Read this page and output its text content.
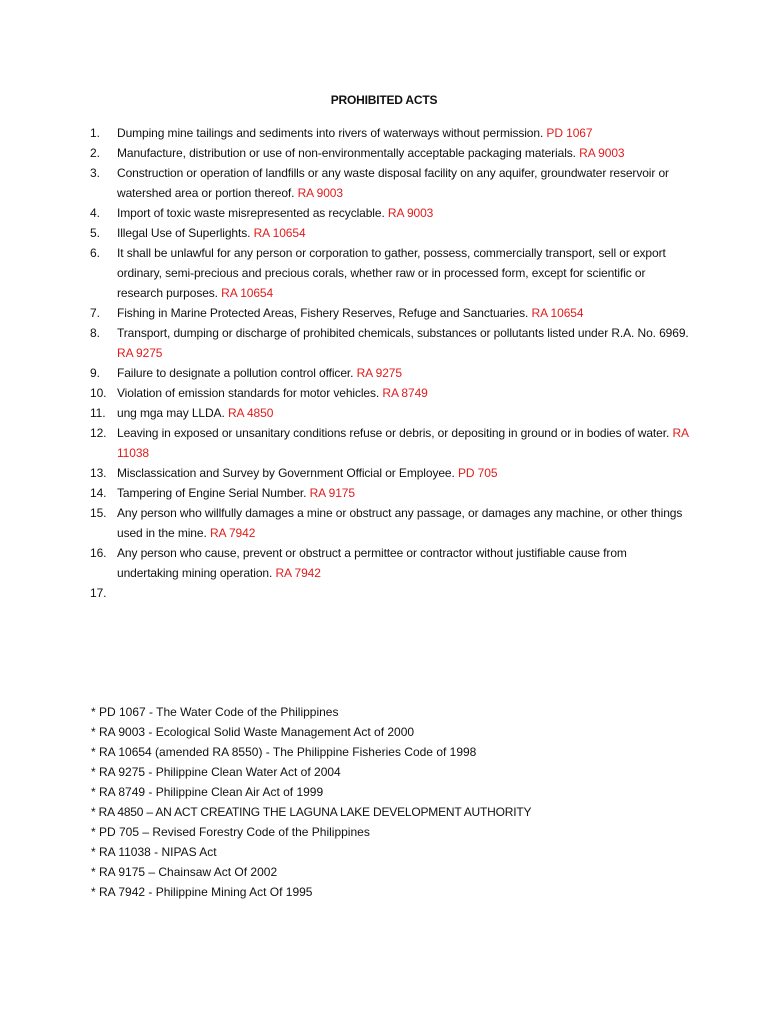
PROHIBITED ACTS
1. Dumping mine tailings and sediments into rivers of waterways without permission. PD 1067
2. Manufacture, distribution or use of non-environmentally acceptable packaging materials. RA 9003
3. Construction or operation of landfills or any waste disposal facility on any aquifer, groundwater reservoir or watershed area or portion thereof. RA 9003
4. Import of toxic waste misrepresented as recyclable. RA 9003
5. Illegal Use of Superlights. RA 10654
6. It shall be unlawful for any person or corporation to gather, possess, commercially transport, sell or export ordinary, semi-precious and precious corals, whether raw or in processed form, except for scientific or research purposes. RA 10654
7. Fishing in Marine Protected Areas, Fishery Reserves, Refuge and Sanctuaries. RA 10654
8. Transport, dumping or discharge of prohibited chemicals, substances or pollutants listed under R.A. No. 6969. RA 9275
9. Failure to designate a pollution control officer. RA 9275
10. Violation of emission standards for motor vehicles. RA 8749
11. ung mga may LLDA. RA 4850
12. Leaving in exposed or unsanitary conditions refuse or debris, or depositing in ground or in bodies of water. RA 11038
13. Misclassication and Survey by Government Official or Employee. PD 705
14. Tampering of Engine Serial Number. RA 9175
15. Any person who willfully damages a mine or obstruct any passage, or damages any machine, or other things used in the mine. RA 7942
16. Any person who cause, prevent or obstruct a permittee or contractor without justifiable cause from undertaking mining operation. RA 7942
17.
* PD 1067 - The Water Code of the Philippines
* RA 9003 - Ecological Solid Waste Management Act of 2000
* RA 10654 (amended RA 8550) - The Philippine Fisheries Code of 1998
* RA 9275 - Philippine Clean Water Act of 2004
* RA 8749 - Philippine Clean Air Act of 1999
* RA 4850 – AN ACT CREATING THE LAGUNA LAKE DEVELOPMENT AUTHORITY
* PD 705 – Revised Forestry Code of the Philippines
* RA 11038 - NIPAS Act
* RA 9175 – Chainsaw Act Of 2002
* RA 7942 - Philippine Mining Act Of 1995
